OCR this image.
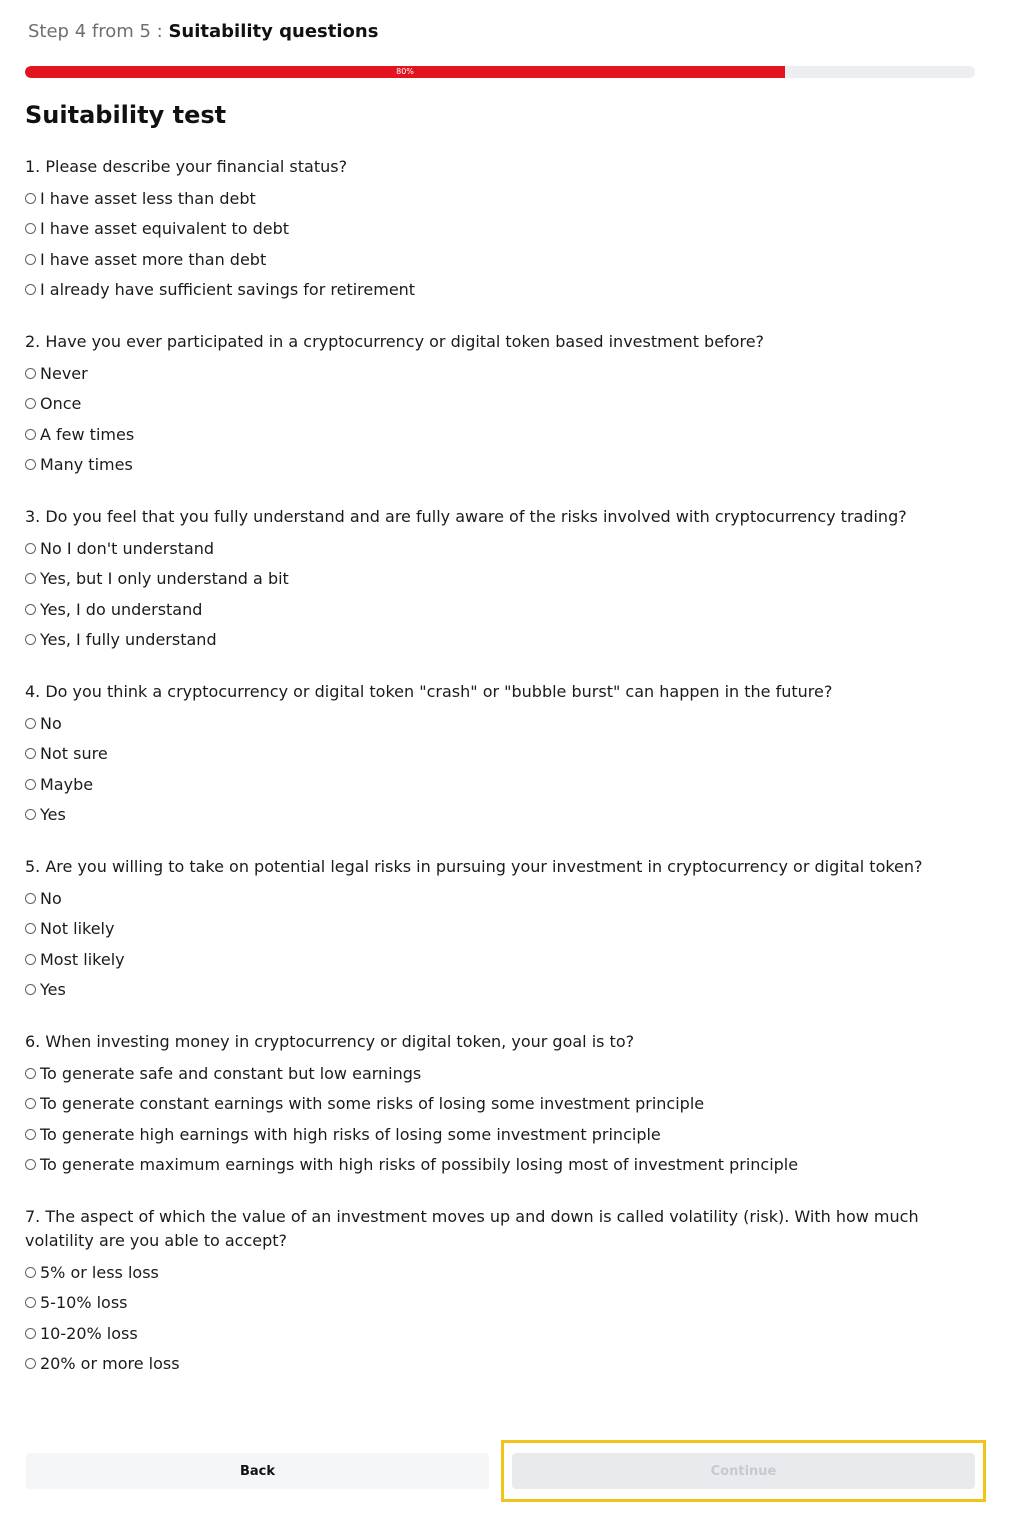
Step 4 from 5 : Suitability questions
80%
Suitability test

1. Please describe your financial status?

I have asset less than debt
I have asset equivalent to debt
I have asset more than debt
I already have sufficient savings for retirement

2. Have you ever participated in a cryptocurrency or digital token based investment before?

Never
Once
A few times
Many times

3. Do you feel that you fully understand and are fully aware of the risks involved with cryptocurrency trading?

No I don't understand
Yes, but I only understand a bit
Yes, I do understand
Yes, I fully understand

4. Do you think a cryptocurrency or digital token "crash" or "bubble burst" can happen in the future?

No
Not sure
Maybe
Yes

5. Are you willing to take on potential legal risks in pursuing your investment in cryptocurrency or digital token?

No
Not likely
Most likely
Yes

6. When investing money in cryptocurrency or digital token, your goal is to?

To generate safe and constant but low earnings
To generate constant earnings with some risks of losing some investment principle
To generate high earnings with high risks of losing some investment principle
To generate maximum earnings with high risks of possibily losing most of investment principle

7. The aspect of which the value of an investment moves up and down is called volatility (risk). With how much volatility are you able to accept?

5% or less loss
5-10% loss
10-20% loss
20% or more loss
Back	Continue
